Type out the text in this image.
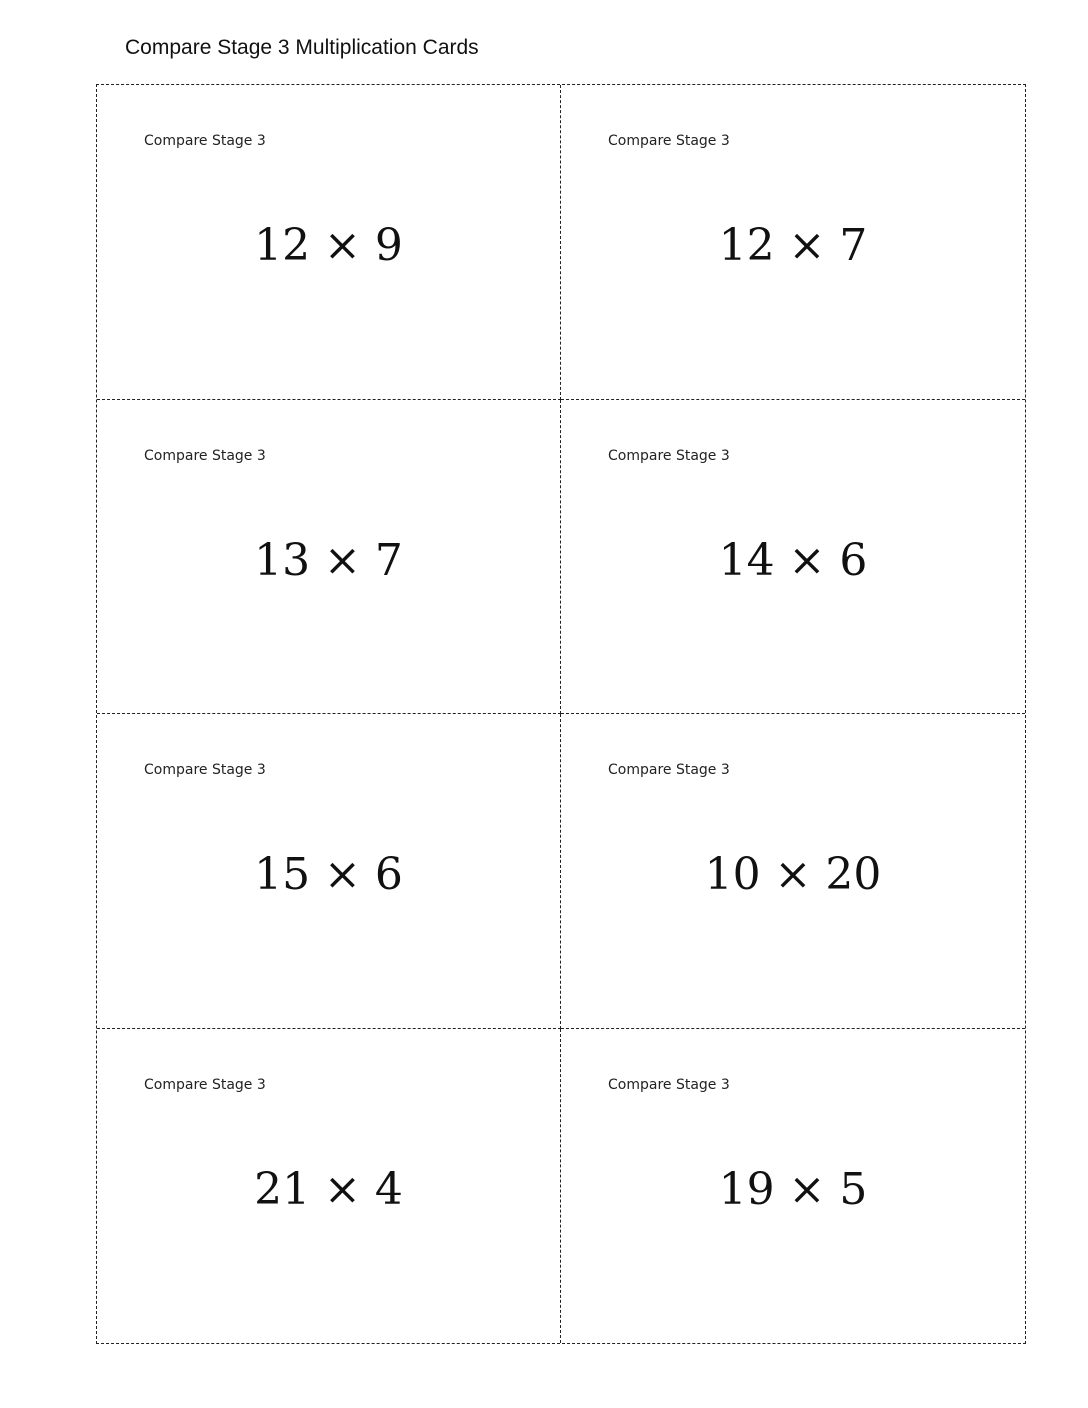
Compare Stage 3 Multiplication Cards
Compare Stage 3
12 × 9
Compare Stage 3
12 × 7
Compare Stage 3
13 × 7
Compare Stage 3
14 × 6
Compare Stage 3
15 × 6
Compare Stage 3
10 × 20
Compare Stage 3
21 × 4
Compare Stage 3
19 × 5
